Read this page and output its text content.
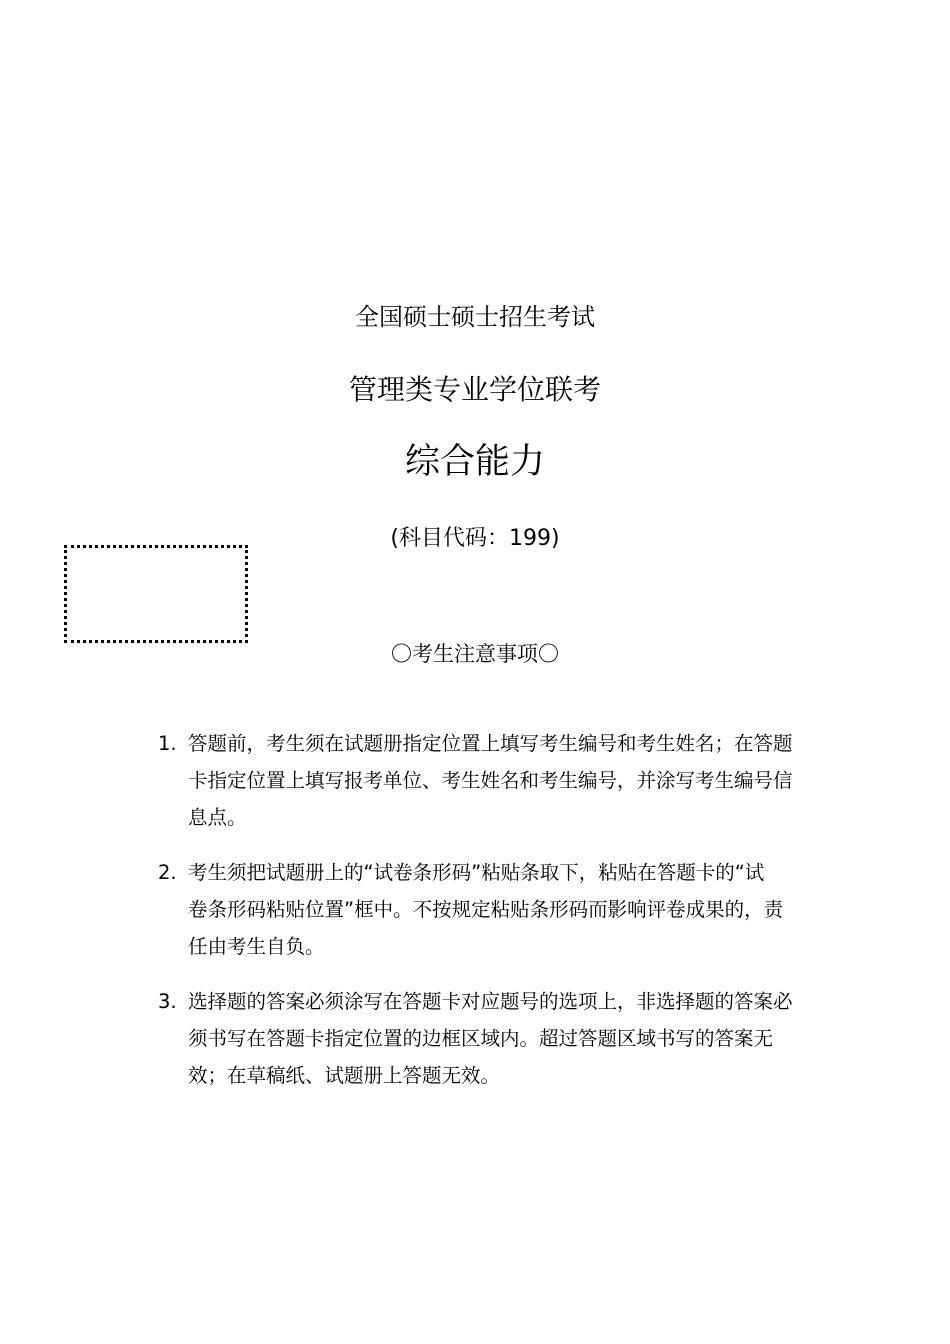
全国硕士硕士招生考试
管理类专业学位联考
综合能力
(科目代码：199)
〇考生注意事项〇
1. 答题前，考生须在试题册指定位置上填写考生编号和考生姓名；在答题
卡指定位置上填写报考单位、考生姓名和考生编号，并涂写考生编号信
息点。
2. 考生须把试题册上的“试卷条形码”粘贴条取下，粘贴在答题卡的“试
卷条形码粘贴位置”框中。不按规定粘贴条形码而影响评卷成果的，责
任由考生自负。
3. 选择题的答案必须涂写在答题卡对应题号的选项上，非选择题的答案必
须书写在答题卡指定位置的边框区域内。超过答题区域书写的答案无
效；在草稿纸、试题册上答题无效。
